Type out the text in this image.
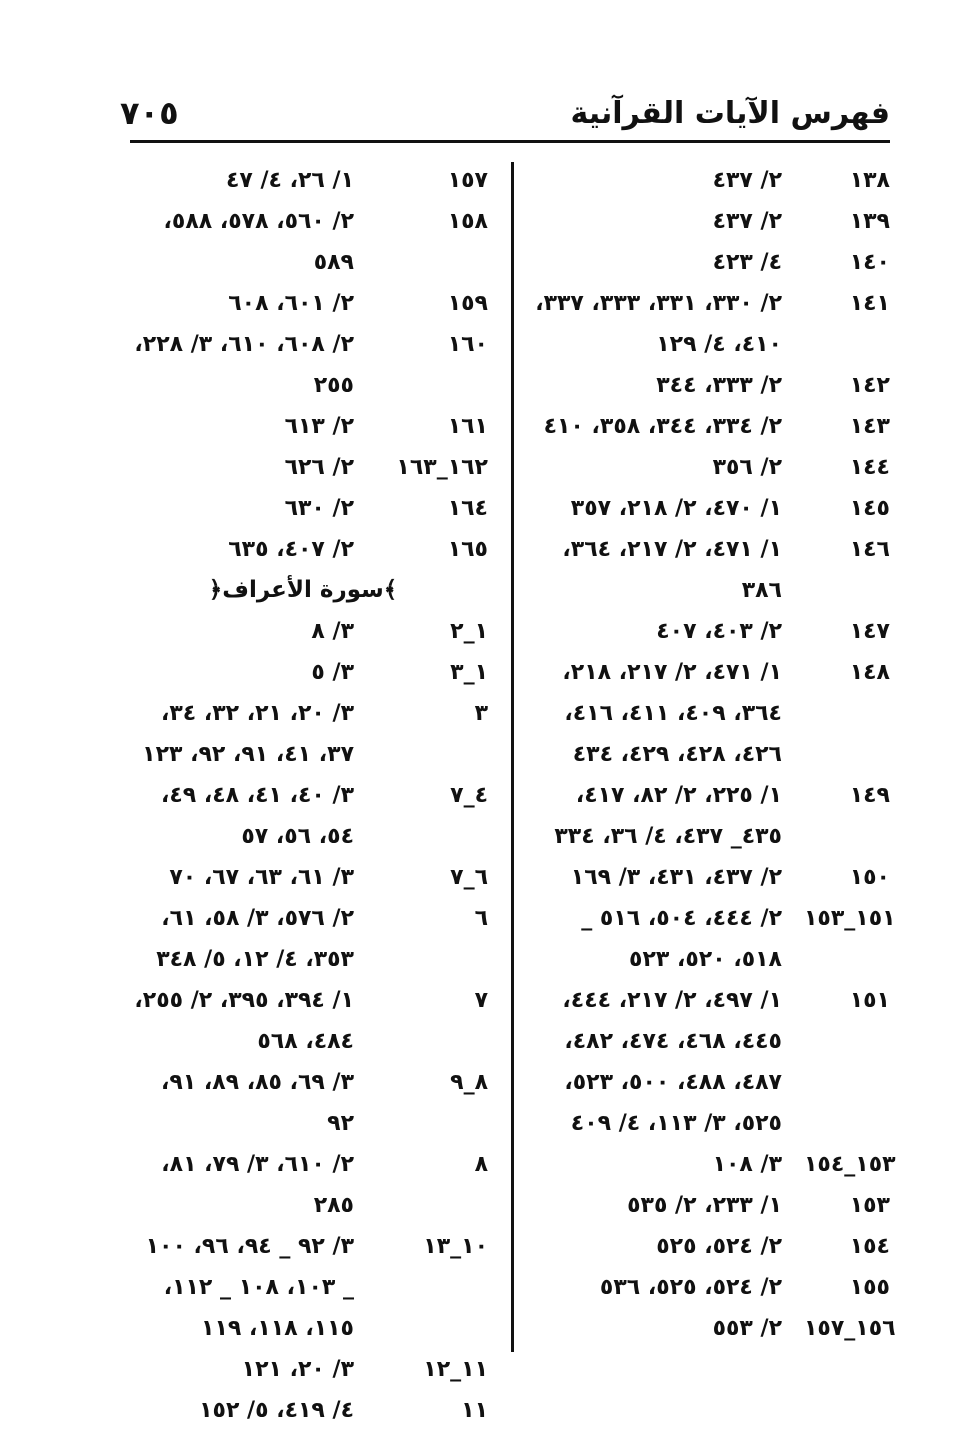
٧٠٥	فهرس الآيات القرآنية
١٣٨
٢/ ٤٣٧
١٣٩
٢/ ٤٣٧
١٤٠
٤/ ٤٢٣
١٤١
٢/ ٣٣٠، ٣٣١، ٣٣٣، ٣٣٧، ٤١٠، ٤/ ١٢٩
١٤٢
٢/ ٣٣٣، ٣٤٤
١٤٣
٢/ ٣٣٤، ٣٤٤، ٣٥٨، ٤١٠
١٤٤
٢/ ٣٥٦
١٤٥
١/ ٤٧٠، ٢/ ٢١٨، ٣٥٧
١٤٦
١/ ٤٧١، ٢/ ٢١٧، ٣٦٤، ٣٨٦
١٤٧
٢/ ٤٠٣، ٤٠٧
١٤٨
١/ ٤٧١، ٢/ ٢١٧، ٢١٨، ٣٦٤، ٤٠٩، ٤١١، ٤١٦، ٤٢٦، ٤٢٨، ٤٢٩، ٤٣٤
١٤٩
١/ ٢٢٥، ٢/ ٨٢، ٤١٧، ٤٣٥_ ٤٣٧، ٤/ ٣٦، ٣٣٤
١٥٠
٢/ ٤٣٧، ٤٣١، ٣/ ١٦٩
١٥١_١٥٣
٢/ ٤٤٤، ٥٠٤، ٥١٦ _ ٥١٨، ٥٢٠، ٥٢٣
١٥١
١/ ٤٩٧، ٢/ ٢١٧، ٤٤٤، ٤٤٥، ٤٦٨، ٤٧٤، ٤٨٢، ٤٨٧، ٤٨٨، ٥٠٠، ٥٢٣، ٥٢٥، ٣/ ١١٣، ٤/ ٤٠٩
١٥٣_١٥٤
٣/ ١٠٨
١٥٣
١/ ٢٣٣، ٢/ ٥٣٥
١٥٤
٢/ ٥٢٤، ٥٢٥
١٥٥
٢/ ٥٢٤، ٥٢٥، ٥٣٦
١٥٦_١٥٧
٢/ ٥٥٣
١٥٧
١/ ٢٦، ٤/ ٤٧
١٥٨
٢/ ٥٦٠، ٥٧٨، ٥٨٨، ٥٨٩
١٥٩
٢/ ٦٠١، ٦٠٨
١٦٠
٢/ ٦٠٨، ٦١٠، ٣/ ٢٢٨، ٢٥٥
١٦١
٢/ ٦١٣
١٦٢_١٦٣
٢/ ٦٢٦
١٦٤
٢/ ٦٣٠
١٦٥
٢/ ٤٠٧، ٦٣٥
﴿سورة الأعراف﴾
١_٢
٣/ ٨
١_٣
٣/ ٥
٣
٣/ ٢٠، ٢١، ٣٢، ٣٤، ٣٧، ٤١، ٩١، ٩٢، ١٢٣
٤_٧
٣/ ٤٠، ٤١، ٤٨، ٤٩، ٥٤، ٥٦، ٥٧
٦_٧
٣/ ٦١، ٦٣، ٦٧، ٧٠
٦
٢/ ٥٧٦، ٣/ ٥٨، ٦١، ٣٥٣، ٤/ ١٢، ٥/ ٣٤٨
٧
١/ ٣٩٤، ٣٩٥، ٢/ ٢٥٥، ٤٨٤، ٥٦٨
٨_٩
٣/ ٦٩، ٨٥، ٨٩، ٩١، ٩٢
٨
٢/ ٦١٠، ٣/ ٧٩، ٨١، ٢٨٥
١٠_١٣
٣/ ٩٢ _ ٩٤، ٩٦، ١٠٠ _ ١٠٣، ١٠٨ _ ١١٢، ١١٥، ١١٨، ١١٩
١١_١٢
٣/ ٢٠، ١٢١
١١
٤/ ٤١٩، ٥/ ١٥٢
